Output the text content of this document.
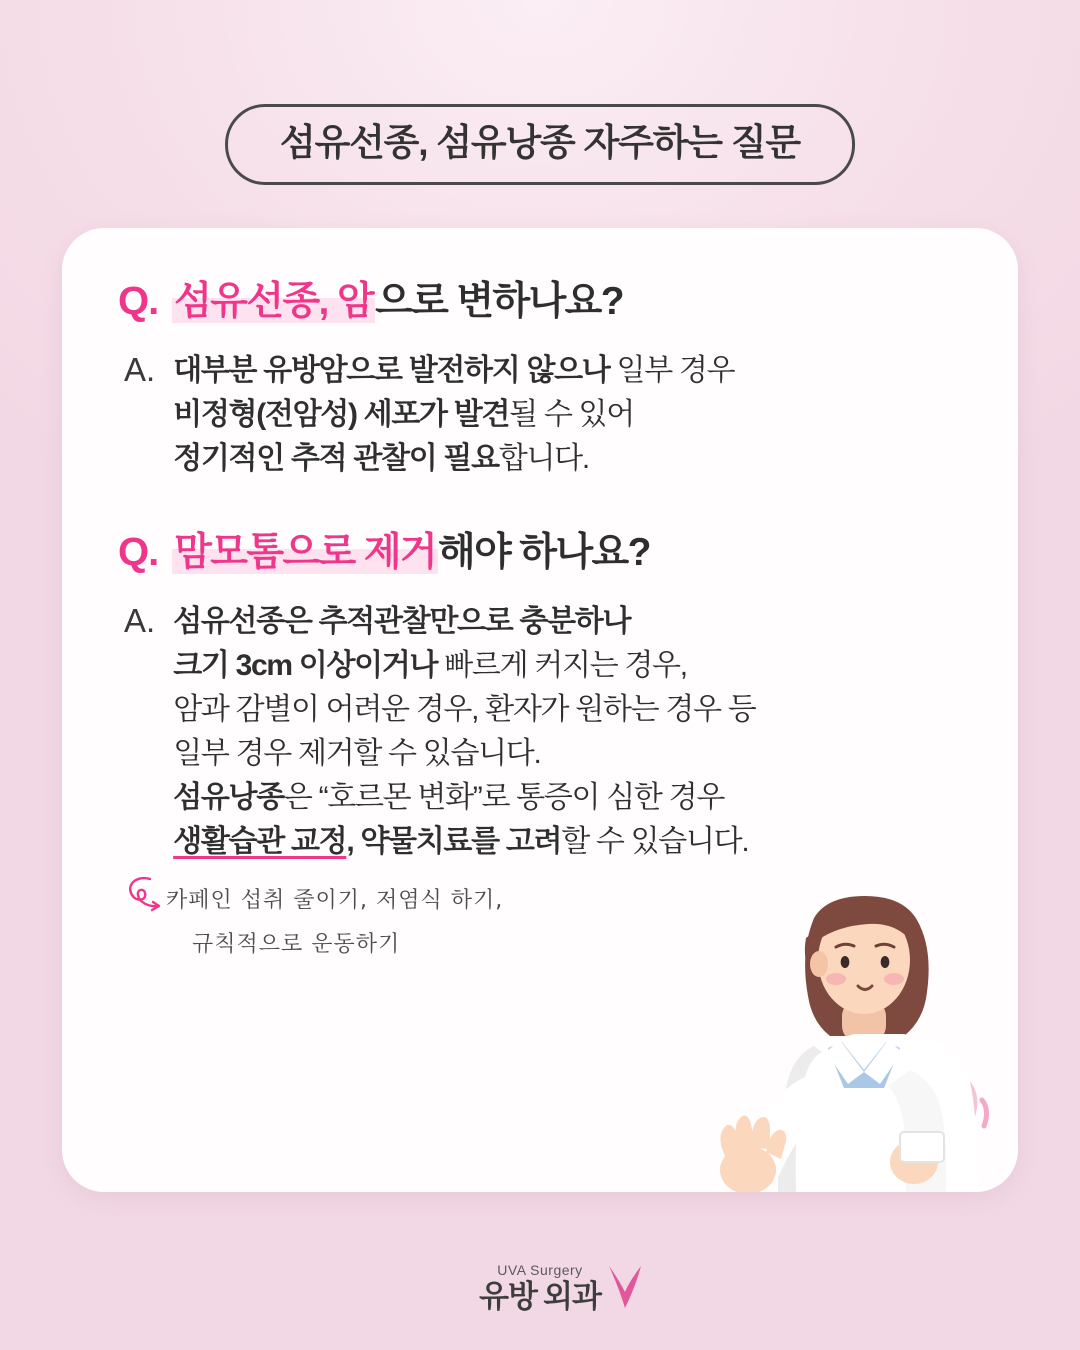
섬유선종, 섬유낭종 자주하는 질문
Q. 섬유선종, 암으로 변하나요?
A. 대부분 유방암으로 발전하지 않으나 일부 경우
비정형(전암성) 세포가 발견될 수 있어
정기적인 추적 관찰이 필요합니다.
Q. 맘모톰으로 제거해야 하나요?
A. 섬유선종은 추적관찰만으로 충분하나
크기 3cm 이상이거나 빠르게 커지는 경우,
암과 감별이 어려운 경우, 환자가 원하는 경우 등
일부 경우 제거할 수 있습니다.
섬유낭종은 “호르몬 변화”로 통증이 심한 경우
생활습관 교정, 약물치료를 고려할 수 있습니다.
카페인 섭취 줄이기, 저염식 하기,
규칙적으로 운동하기
UVA Surgery
유방 외과
